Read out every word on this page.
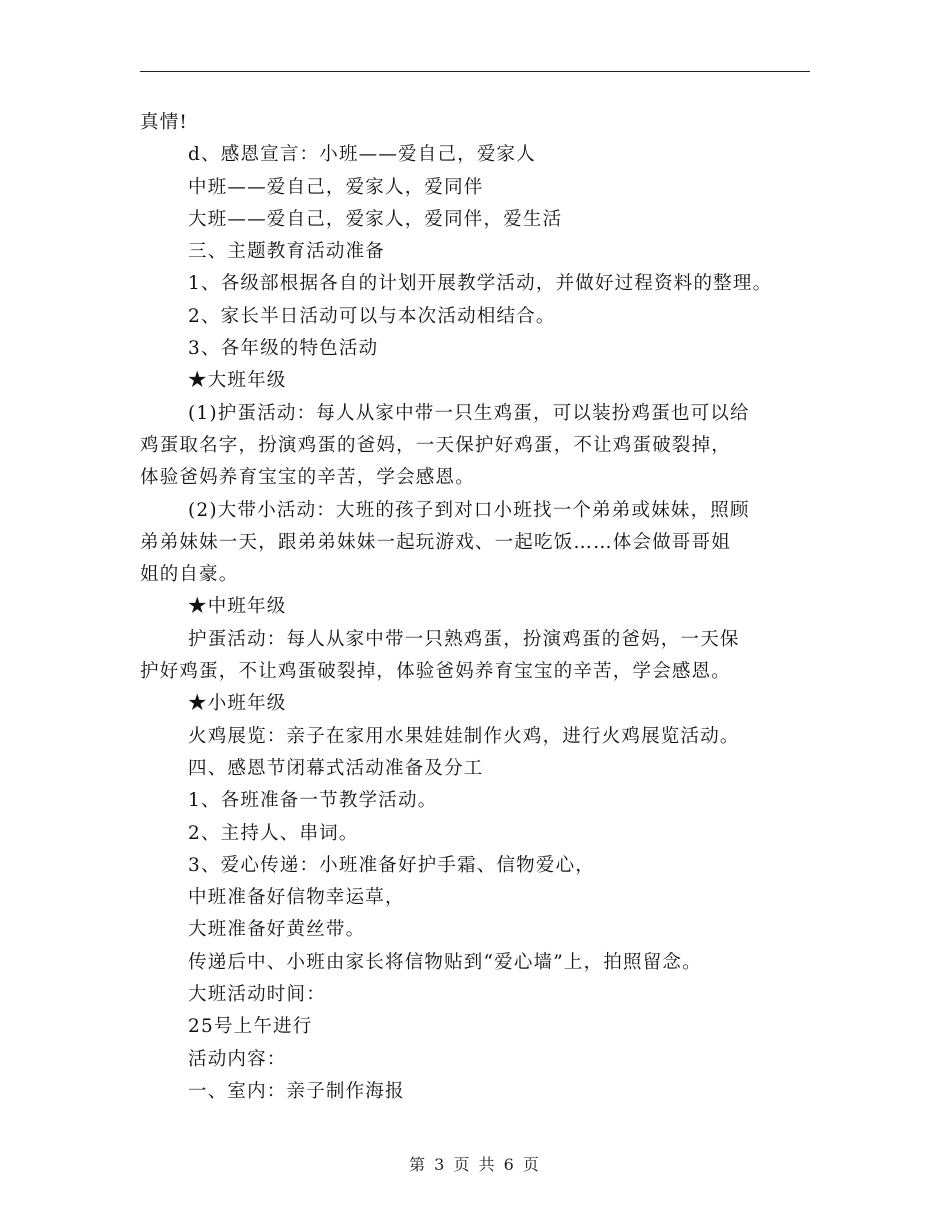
真情!
d、感恩宣言：小班——爱自己，爱家人
中班——爱自己，爱家人，爱同伴
大班——爱自己，爱家人，爱同伴，爱生活
三、主题教育活动准备
1、各级部根据各自的计划开展教学活动，并做好过程资料的整理。
2、家长半日活动可以与本次活动相结合。
3、各年级的特色活动
★大班年级
(1)护蛋活动：每人从家中带一只生鸡蛋，可以装扮鸡蛋也可以给
鸡蛋取名字，扮演鸡蛋的爸妈，一天保护好鸡蛋，不让鸡蛋破裂掉，
体验爸妈养育宝宝的辛苦，学会感恩。
(2)大带小活动：大班的孩子到对口小班找一个弟弟或妹妹，照顾
弟弟妹妹一天，跟弟弟妹妹一起玩游戏、一起吃饭……体会做哥哥姐
姐的自豪。
★中班年级
护蛋活动：每人从家中带一只熟鸡蛋，扮演鸡蛋的爸妈，一天保
护好鸡蛋，不让鸡蛋破裂掉，体验爸妈养育宝宝的辛苦，学会感恩。
★小班年级
火鸡展览：亲子在家用水果娃娃制作火鸡，进行火鸡展览活动。
四、感恩节闭幕式活动准备及分工
1、各班准备一节教学活动。
2、主持人、串词。
3、爱心传递：小班准备好护手霜、信物爱心，
中班准备好信物幸运草，
大班准备好黄丝带。
传递后中、小班由家长将信物贴到“爱心墙”上，拍照留念。
大班活动时间：
25号上午进行
活动内容：
一、室内：亲子制作海报
第 3 页 共 6 页
